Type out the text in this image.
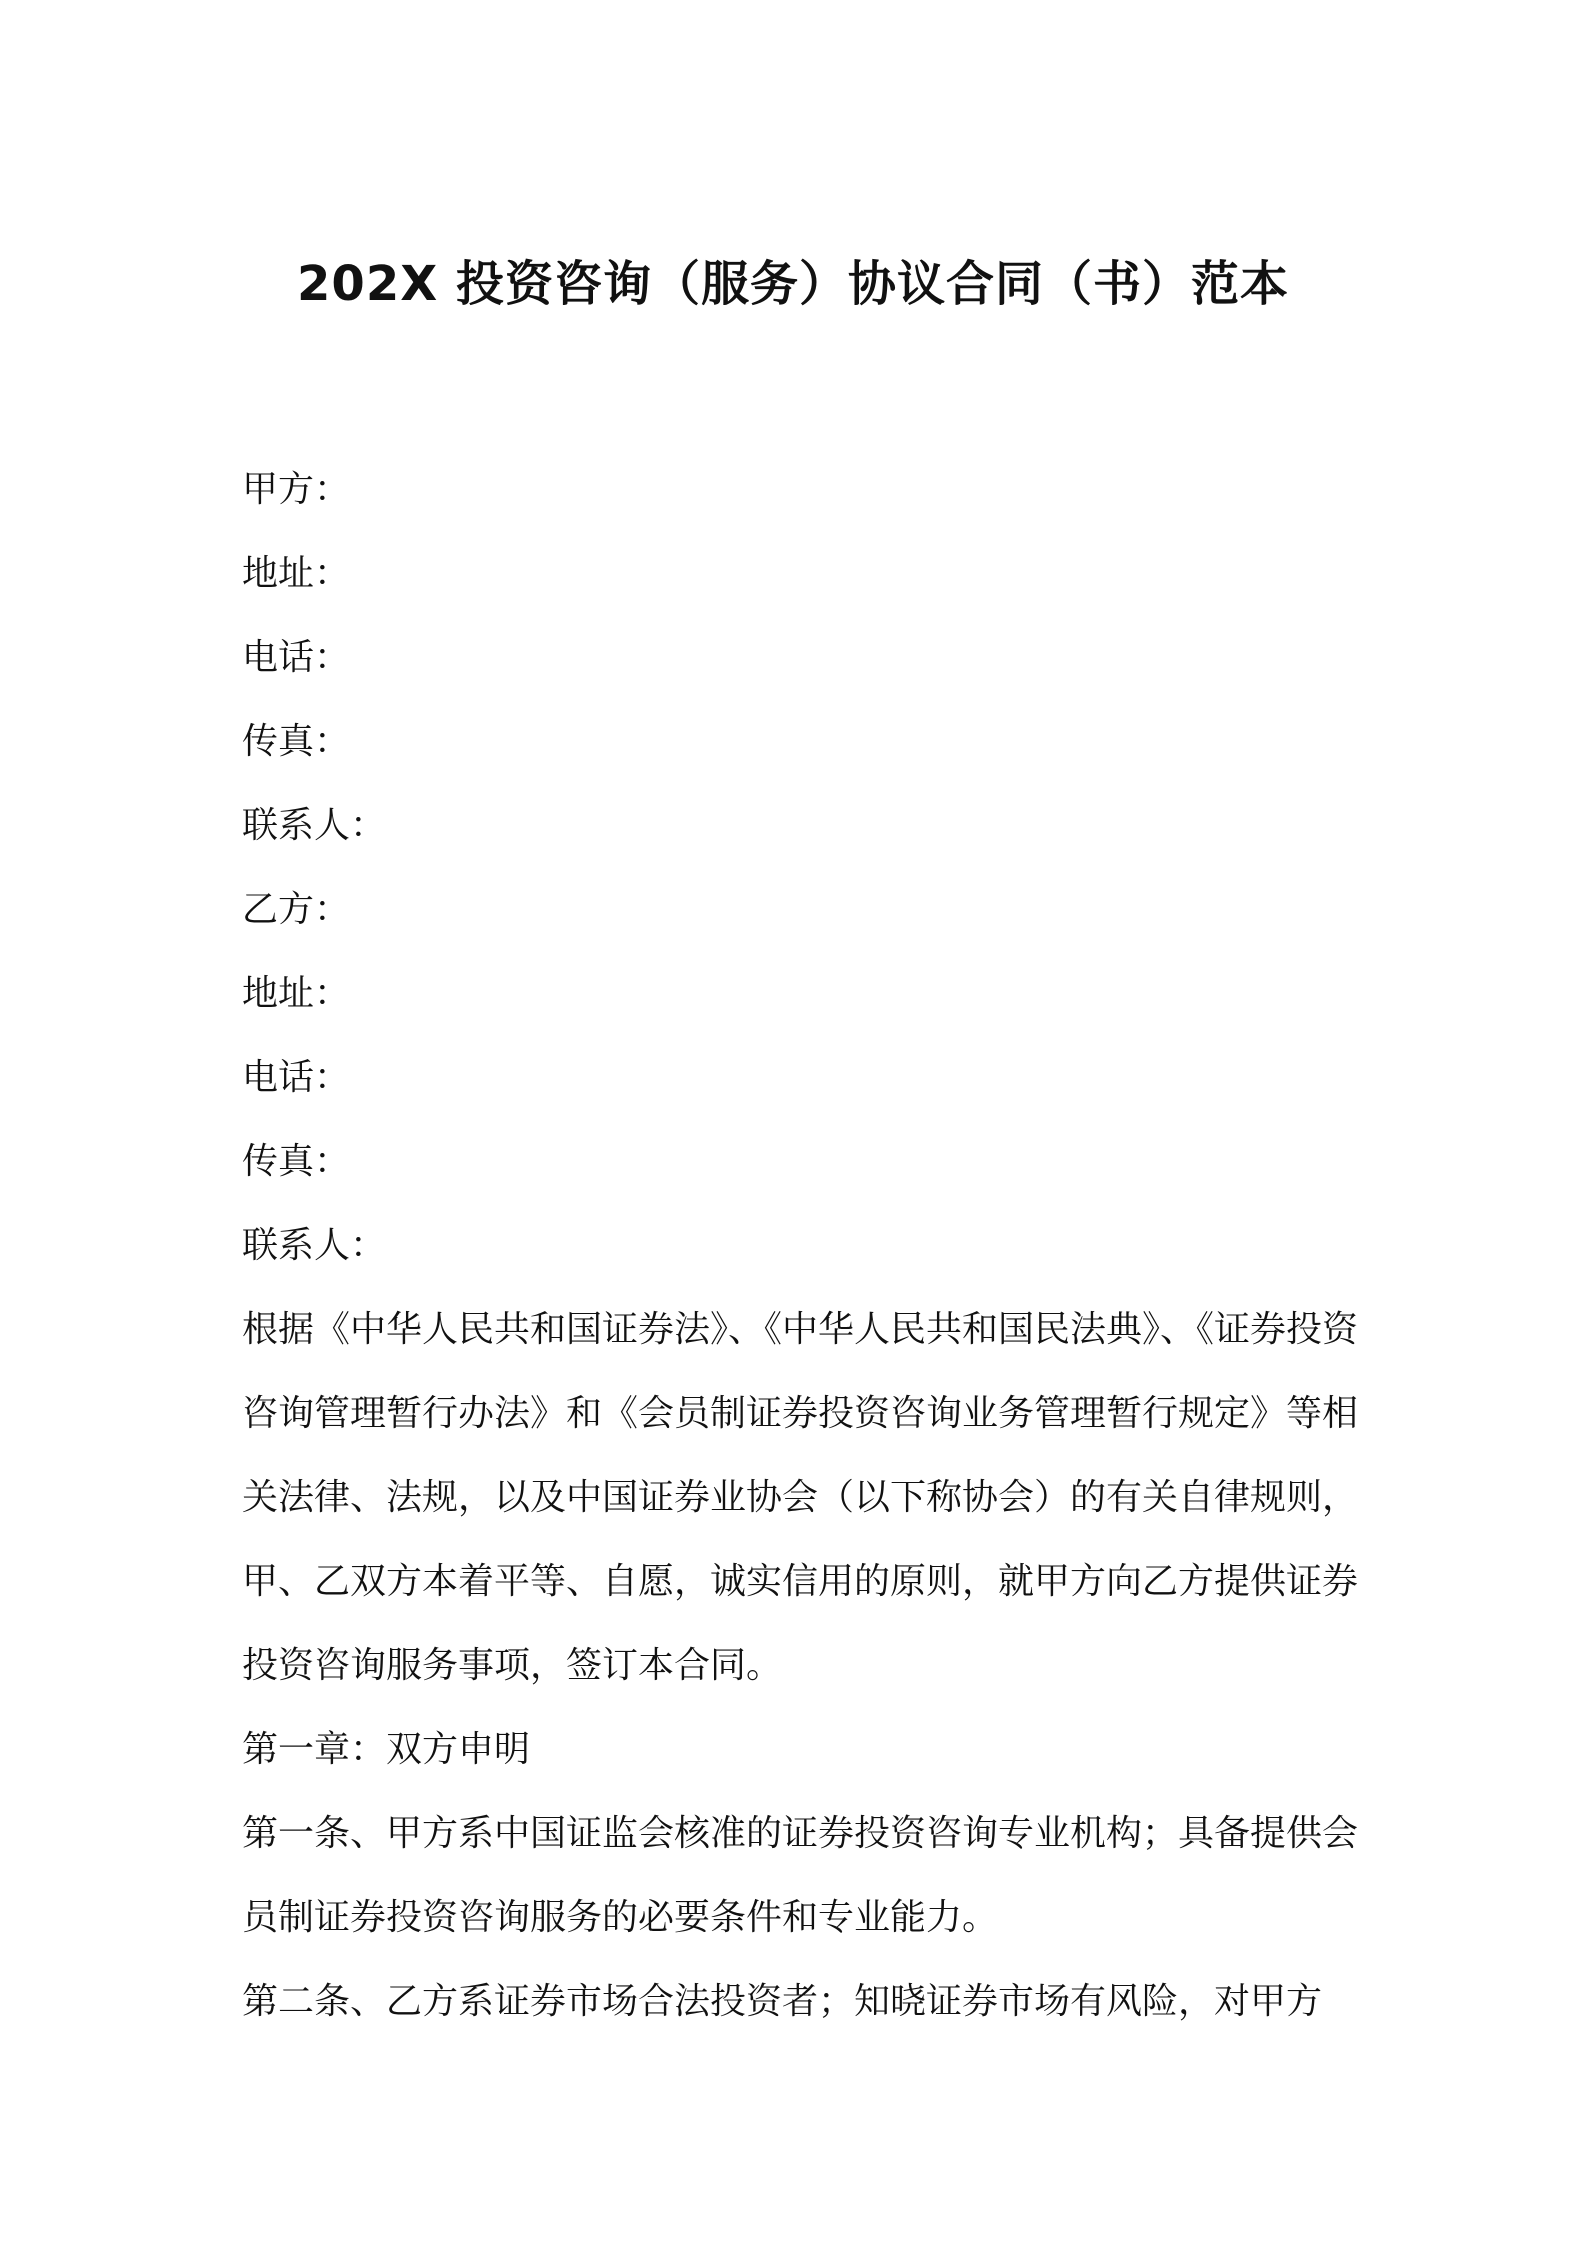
202X 投资咨询（服务）协议合同（书）范本
甲方：
地址：
电话：
传真：
联系人：
乙方：
地址：
电话：
传真：
联系人：

根据《中华人民共和国证券法》、《中华人民共和国民法典》、《证券投资咨询管理暂行办法》和《会员制证券投资咨询业务管理暂行规定》等相关法律、法规，以及中国证券业协会（以下称协会）的有关自律规则，甲、乙双方本着平等、自愿，诚实信用的原则，就甲方向乙方提供证券投资咨询服务事项，签订本合同。

第一章：双方申明

第一条、甲方系中国证监会核准的证券投资咨询专业机构；具备提供会员制证券投资咨询服务的必要条件和专业能力。

第二条、乙方系证券市场合法投资者；知晓证券市场有风险，对甲方
